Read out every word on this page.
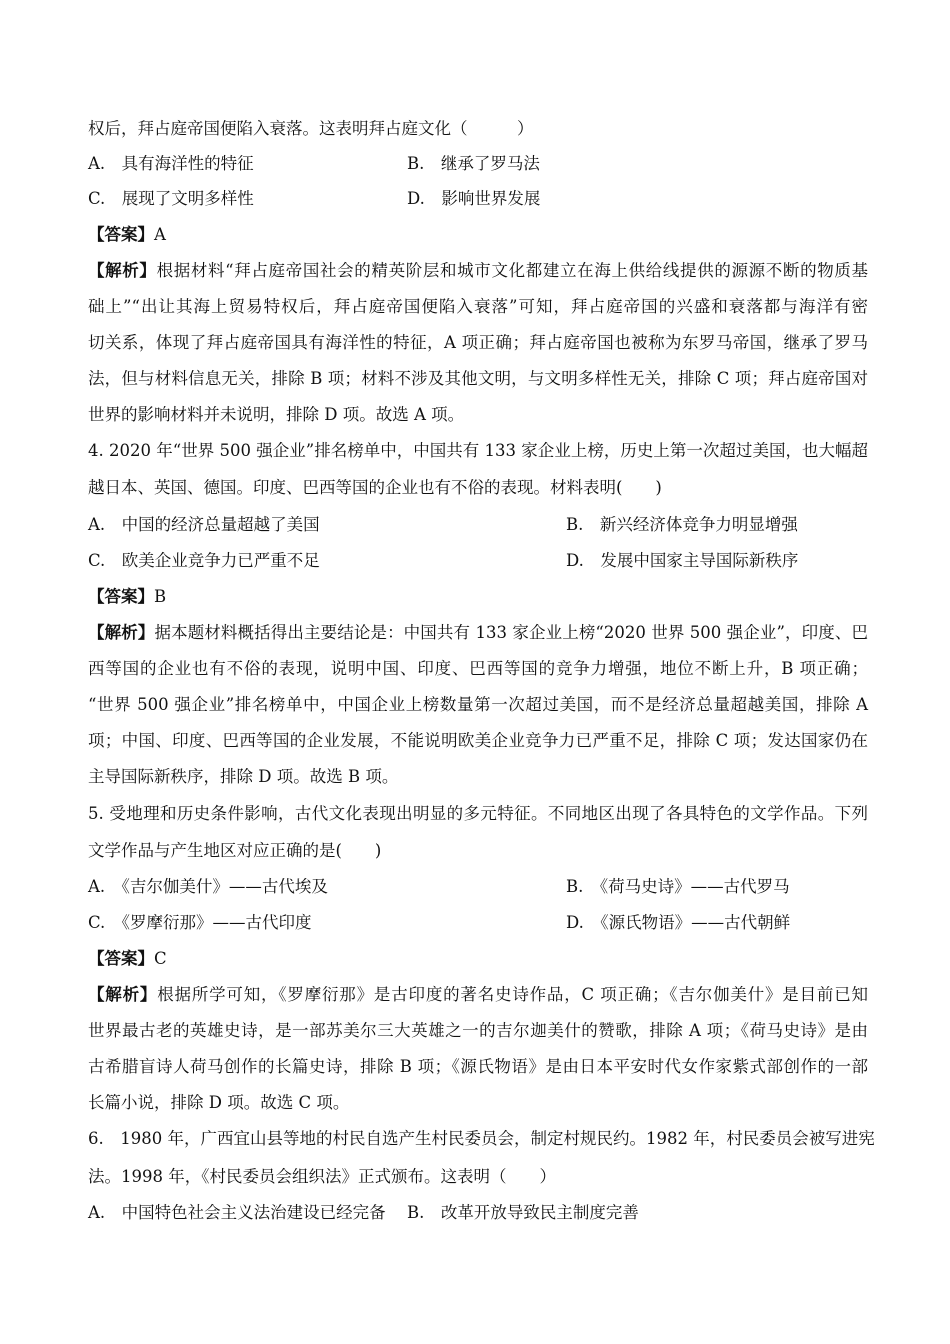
权后，拜占庭帝国便陷入衰落。这表明拜占庭文化（　　　）
A.　具有海洋性的特征	B.　继承了罗马法
C.　展现了文明多样性	D.　影响世界发展
【答案】A
【解析】根据材料“拜占庭帝国社会的精英阶层和城市文化都建立在海上供给线提供的源源不断的物质基
础上”“出让其海上贸易特权后，拜占庭帝国便陷入衰落”可知，拜占庭帝国的兴盛和衰落都与海洋有密
切关系，体现了拜占庭帝国具有海洋性的特征，A 项正确；拜占庭帝国也被称为东罗马帝国，继承了罗马
法，但与材料信息无关，排除 B 项；材料不涉及其他文明，与文明多样性无关，排除 C 项；拜占庭帝国对
世界的影响材料并未说明，排除 D 项。故选 A 项。
4. 2020 年“世界 500 强企业”排名榜单中，中国共有 133 家企业上榜，历史上第一次超过美国，也大幅超
越日本、英国、德国。印度、巴西等国的企业也有不俗的表现。材料表明(　　)
A.　中国的经济总量超越了美国	B.　新兴经济体竞争力明显增强
C.　欧美企业竞争力已严重不足	D.　发展中国家主导国际新秩序
【答案】B
【解析】据本题材料概括得出主要结论是：中国共有 133 家企业上榜“2020 世界 500 强企业”，印度、巴
西等国的企业也有不俗的表现，说明中国、印度、巴西等国的竞争力增强，地位不断上升，B 项正确；
“世界 500 强企业”排名榜单中，中国企业上榜数量第一次超过美国，而不是经济总量超越美国，排除 A
项；中国、印度、巴西等国的企业发展，不能说明欧美企业竞争力已严重不足，排除 C 项；发达国家仍在
主导国际新秩序，排除 D 项。故选 B 项。
5. 受地理和历史条件影响，古代文化表现出明显的多元特征。不同地区出现了各具特色的文学作品。下列
文学作品与产生地区对应正确的是(　　)
A.　《吉尔伽美什》——古代埃及	B.　《荷马史诗》——古代罗马
C.　《罗摩衍那》——古代印度	D.　《源氏物语》——古代朝鲜
【答案】C
【解析】根据所学可知，《罗摩衍那》是古印度的著名史诗作品，C 项正确；《吉尔伽美什》是目前已知
世界最古老的英雄史诗，是一部苏美尔三大英雄之一的吉尔迦美什的赞歌，排除 A 项；《荷马史诗》是由
古希腊盲诗人荷马创作的长篇史诗，排除 B 项；《源氏物语》是由日本平安时代女作家紫式部创作的一部
长篇小说，排除 D 项。故选 C 项。
6.　1980 年，广西宜山县等地的村民自选产生村民委员会，制定村规民约。1982 年，村民委员会被写进宪
法。1998 年，《村民委员会组织法》正式颁布。这表明（　　）
A.　中国特色社会主义法治建设已经完备 B.　改革开放导致民主制度完善
